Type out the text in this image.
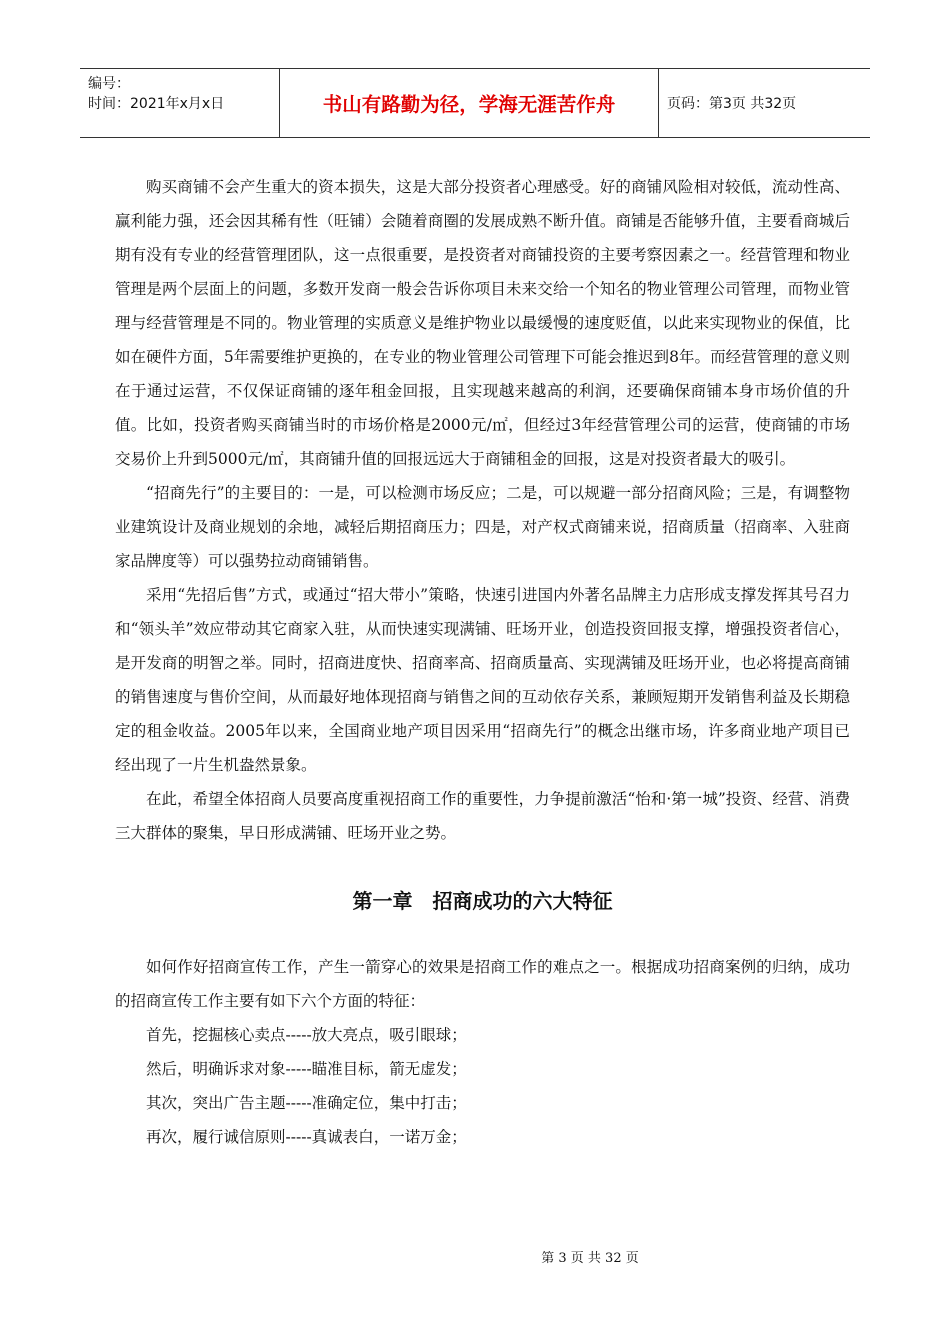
编号：
时间：2021年x月x日	书山有路勤为径，学海无涯苦作舟	页码：第3页 共32页

购买商铺不会产生重大的资本损失，这是大部分投资者心理感受。好的商铺风险相对较低，流动性高、赢利能力强，还会因其稀有性（旺铺）会随着商圈的发展成熟不断升值。商铺是否能够升值，主要看商城后期有没有专业的经营管理团队，这一点很重要，是投资者对商铺投资的主要考察因素之一。经营管理和物业管理是两个层面上的问题，多数开发商一般会告诉你项目未来交给一个知名的物业管理公司管理，而物业管理与经营管理是不同的。物业管理的实质意义是维护物业以最缓慢的速度贬值，以此来实现物业的保值，比如在硬件方面，5年需要维护更换的，在专业的物业管理公司管理下可能会推迟到8年。而经营管理的意义则在于通过运营，不仅保证商铺的逐年租金回报，且实现越来越高的利润，还要确保商铺本身市场价值的升值。比如，投资者购买商铺当时的市场价格是2000元/㎡，但经过3年经营管理公司的运营，使商铺的市场交易价上升到5000元/㎡，其商铺升值的回报远远大于商铺租金的回报，这是对投资者最大的吸引。

“招商先行”的主要目的：一是，可以检测市场反应；二是，可以规避一部分招商风险；三是，有调整物业建筑设计及商业规划的余地，减轻后期招商压力；四是，对产权式商铺来说，招商质量（招商率、入驻商家品牌度等）可以强势拉动商铺销售。

采用“先招后售”方式，或通过“招大带小”策略，快速引进国内外著名品牌主力店形成支撑发挥其号召力和“领头羊”效应带动其它商家入驻，从而快速实现满铺、旺场开业，创造投资回报支撑，增强投资者信心，是开发商的明智之举。同时，招商进度快、招商率高、招商质量高、实现满铺及旺场开业，也必将提高商铺的销售速度与售价空间，从而最好地体现招商与销售之间的互动依存关系，兼顾短期开发销售利益及长期稳定的租金收益。2005年以来，全国商业地产项目因采用“招商先行”的概念出继市场，许多商业地产项目已经出现了一片生机盎然景象。

在此，希望全体招商人员要高度重视招商工作的重要性，力争提前激活“怡和·第一城”投资、经营、消费三大群体的聚集，早日形成满铺、旺场开业之势。

第一章　招商成功的六大特征

如何作好招商宣传工作，产生一箭穿心的效果是招商工作的难点之一。根据成功招商案例的归纳，成功的招商宣传工作主要有如下六个方面的特征：

首先，挖掘核心卖点-----放大亮点，吸引眼球；

然后，明确诉求对象-----瞄准目标，箭无虚发；

其次，突出广告主题-----准确定位，集中打击；

再次，履行诚信原则-----真诚表白，一诺万金；

第 3 页 共 32 页
